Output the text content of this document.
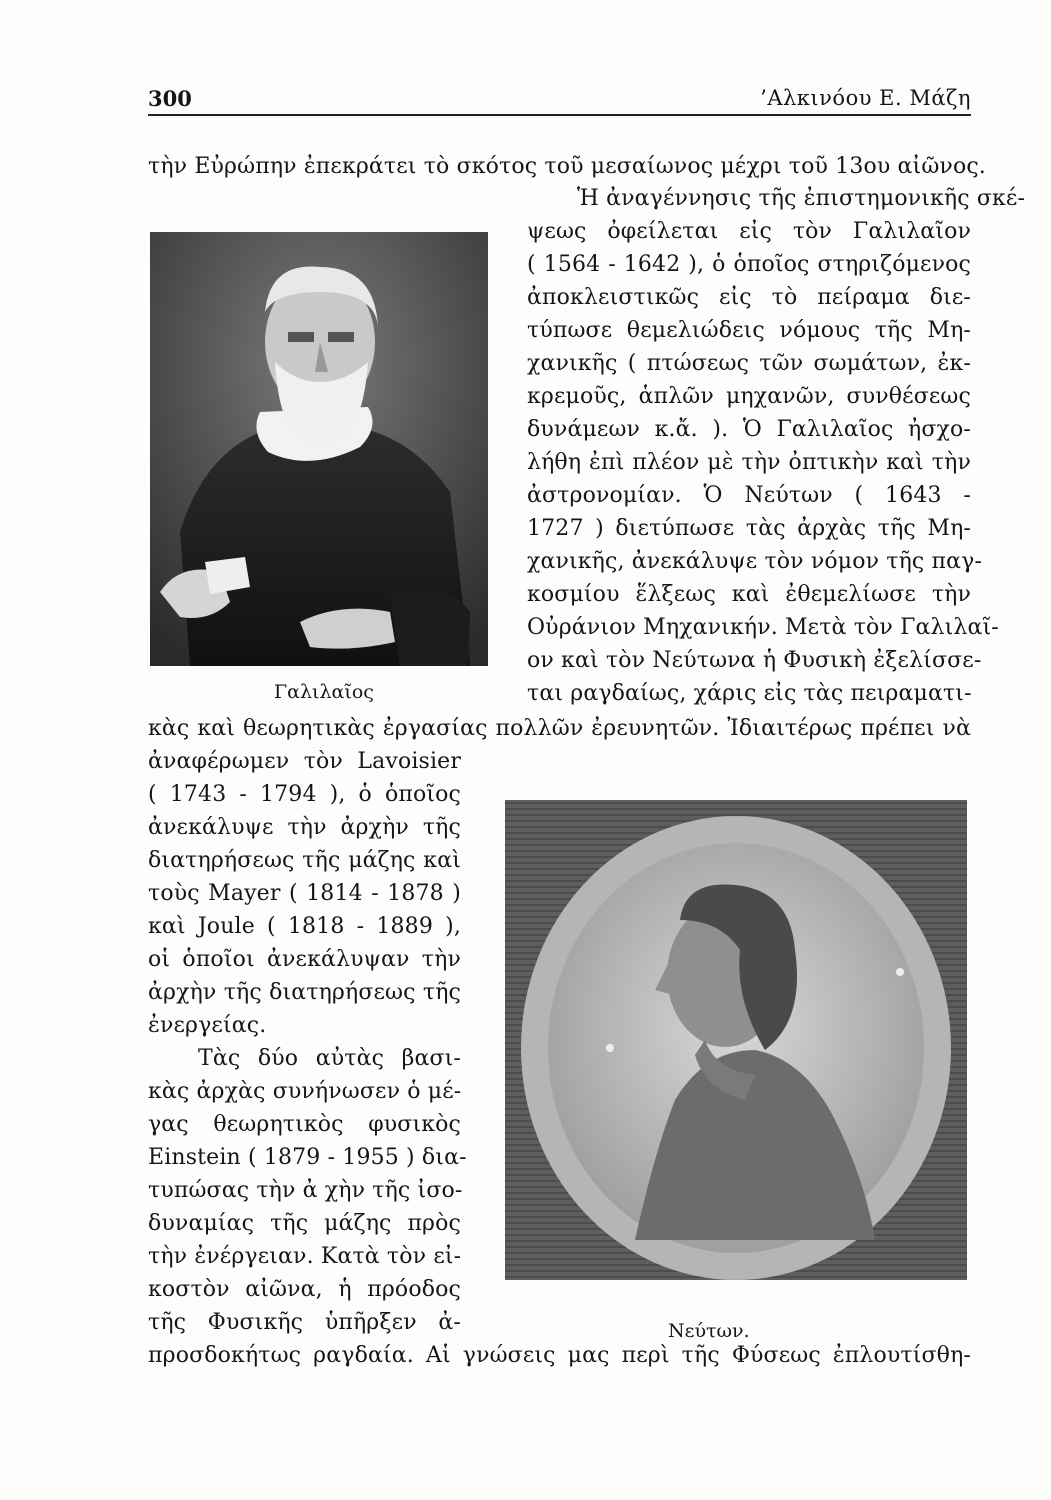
300	’Αλκινόου Ε. Μάζη
Γαλιλαῖος
Νεύτων.
τὴν Εὐρώπην ἐπεκράτει τὸ σκότος τοῦ μεσαίωνος μέχρι τοῦ 13ου αἰῶνος.
Ἡ ἀναγέννησις τῆς ἐπιστημονικῆς σκέ-
ψεως ὀφείλεται εἰς τὸν Γαλιλαῖον
( 1564 - 1642 ), ὁ ὁποῖος στηριζόμενος
ἀποκλειστικῶς εἰς τὸ πείραμα διε-
τύπωσε θεμελιώδεις νόμους τῆς Μη-
χανικῆς ( πτώσεως τῶν σωμάτων, ἐκ-
κρεμοῦς, ἁπλῶν μηχανῶν, συνθέσεως
δυνάμεων κ.ἄ. ). Ὁ Γαλιλαῖος ἠσχο-
λήθη ἐπὶ πλέον μὲ τὴν ὀπτικὴν καὶ τὴν
ἀστρονομίαν. Ὁ Νεύτων ( 1643 -
1727 ) διετύπωσε τὰς ἀρχὰς τῆς Μη-
χανικῆς, ἀνεκάλυψε τὸν νόμον τῆς παγ-
κοσμίου ἕλξεως καὶ ἐθεμελίωσε τὴν
Οὐράνιον Μηχανικήν. Μετὰ τὸν Γαλιλαῖ-
ον καὶ τὸν Νεύτωνα ἡ Φυσικὴ ἐξελίσσε-
ται ραγδαίως, χάρις εἰς τὰς πειραματι-
κὰς καὶ θεωρητικὰς ἐργασίας πολλῶν ἐρευνητῶν. Ἰδιαιτέρως πρέπει νὰ
ἀναφέρωμεν τὸν Lavoisier
( 1743 - 1794 ), ὁ ὁποῖος
ἀνεκάλυψε τὴν ἀρχὴν τῆς
διατηρήσεως τῆς μάζης καὶ
τοὺς Mayer ( 1814 - 1878 )
καὶ Joule ( 1818 - 1889 ),
οἱ ὁποῖοι ἀνεκάλυψαν τὴν
ἀρχὴν τῆς διατηρήσεως τῆς
ἐνεργείας.
Τὰς δύο αὐτὰς βασι-
κὰς ἀρχὰς συνήνωσεν ὁ μέ-
γας θεωρητικὸς φυσικὸς
Einstein ( 1879 - 1955 ) δια-
τυπώσας τὴν ἀ χὴν τῆς ἰσο-
δυναμίας τῆς μάζης πρὸς
τὴν ἐνέργειαν. Κατὰ τὸν εἰ-
κοστὸν αἰῶνα, ἡ πρόοδος
τῆς Φυσικῆς ὑπῆρξεν ἀ-
προσδοκήτως ραγδαία. Αἱ γνώσεις μας περὶ τῆς Φύσεως ἐπλουτίσθη-
